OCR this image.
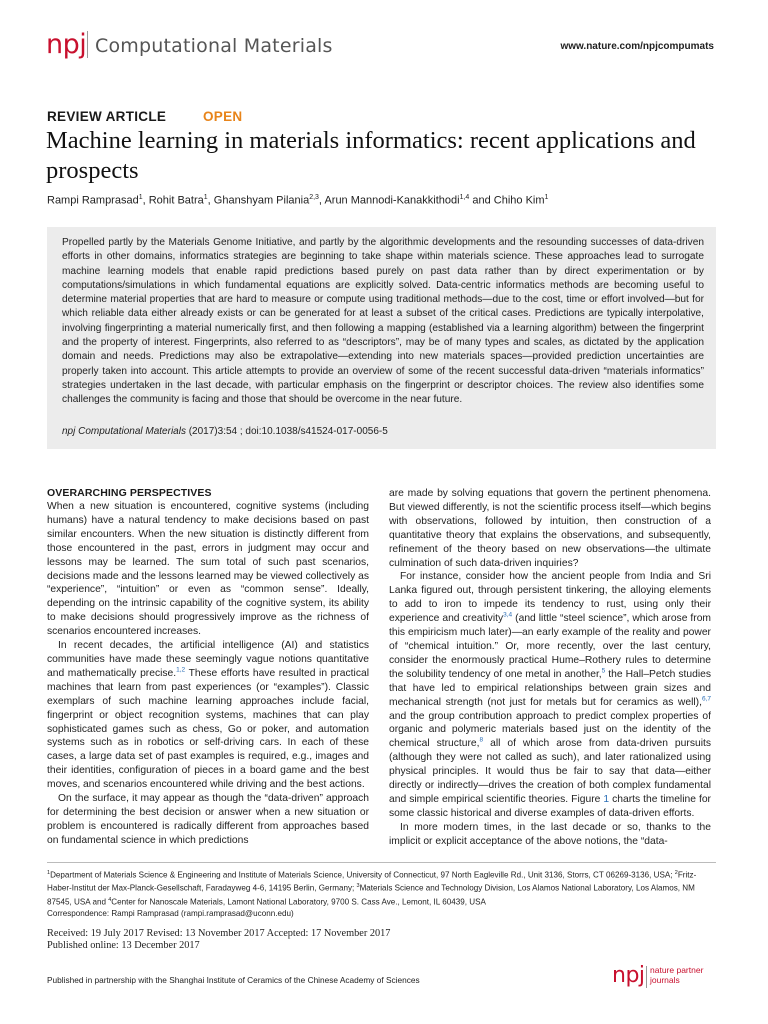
npj Computational Materials	www.nature.com/npjcompumats
REVIEW ARTICLE	OPEN
Machine learning in materials informatics: recent applications and prospects
Rampi Ramprasad$^1$, Rohit Batra$^1$, Ghanshyam Pilania$^{2,3}$, Arun Mannodi-Kanakkithodi$^{1,4}$ and Chiho Kim$^1$

Propelled partly by the Materials Genome Initiative, and partly by the algorithmic developments and the resounding successes of data-driven efforts in other domains, informatics strategies are beginning to take shape within materials science. These approaches lead to surrogate machine learning models that enable rapid predictions based purely on past data rather than by direct experimentation or by computations/simulations in which fundamental equations are explicitly solved. Data-centric informatics methods are becoming useful to determine material properties that are hard to measure or compute using traditional methods—due to the cost, time or effort involved—but for which reliable data either already exists or can be generated for at least a subset of the critical cases. Predictions are typically interpolative, involving fingerprinting a material numerically first, and then following a mapping (established via a learning algorithm) between the fingerprint and the property of interest. Fingerprints, also referred to as “descriptors”, may be of many types and scales, as dictated by the application domain and needs. Predictions may also be extrapolative—extending into new materials spaces—provided prediction uncertainties are properly taken into account. This article attempts to provide an overview of some of the recent successful data-driven “materials informatics” strategies undertaken in the last decade, with particular emphasis on the fingerprint or descriptor choices. The review also identifies some challenges the community is facing and those that should be overcome in the near future.

npj Computational Materials (2017)3:54 ; doi:10.1038/s41524-017-0056-5
OVERARCHING PERSPECTIVES

When a new situation is encountered, cognitive systems (including humans) have a natural tendency to make decisions based on past similar encounters. When the new situation is distinctly different from those encountered in the past, errors in judgment may occur and lessons may be learned. The sum total of such past scenarios, decisions made and the lessons learned may be viewed collectively as “experience”, “intuition” or even as “common sense”. Ideally, depending on the intrinsic capability of the cognitive system, its ability to make decisions should progressively improve as the richness of scenarios encountered increases.

In recent decades, the artificial intelligence (AI) and statistics communities have made these seemingly vague notions quantitative and mathematically precise.$^{1,2}$ These efforts have resulted in practical machines that learn from past experiences (or “examples”). Classic exemplars of such machine learning approaches include facial, fingerprint or object recognition systems, machines that can play sophisticated games such as chess, Go or poker, and automation systems such as in robotics or self-driving cars. In each of these cases, a large data set of past examples is required, e.g., images and their identities, configuration of pieces in a board game and the best moves, and scenarios encountered while driving and the best actions.

On the surface, it may appear as though the “data-driven” approach for determining the best decision or answer when a new situation or problem is encountered is radically different from approaches based on fundamental science in which predictions

are made by solving equations that govern the pertinent phenomena. But viewed differently, is not the scientific process itself—which begins with observations, followed by intuition, then construction of a quantitative theory that explains the observations, and subsequently, refinement of the theory based on new observations—the ultimate culmination of such data-driven inquiries?

For instance, consider how the ancient people from India and Sri Lanka figured out, through persistent tinkering, the alloying elements to add to iron to impede its tendency to rust, using only their experience and creativity$^{3,4}$ (and little “steel science”, which arose from this empiricism much later)—an early example of the reality and power of “chemical intuition.” Or, more recently, over the last century, consider the enormously practical Hume–Rothery rules to determine the solubility tendency of one metal in another,$^5$ the Hall–Petch studies that have led to empirical relationships between grain sizes and mechanical strength (not just for metals but for ceramics as well),$^{6,7}$ and the group contribution approach to predict complex properties of organic and polymeric materials based just on the identity of the chemical structure,$^8$ all of which arose from data-driven pursuits (although they were not called as such), and later rationalized using physical principles. It would thus be fair to say that data—either directly or indirectly—drives the creation of both complex fundamental and simple empirical scientific theories. Figure 1 charts the timeline for some classic historical and diverse examples of data-driven efforts.

In more modern times, in the last decade or so, thanks to the implicit or explicit acceptance of the above notions, the “data-

$^1$Department of Materials Science & Engineering and Institute of Materials Science, University of Connecticut, 97 North Eagleville Rd., Unit 3136, Storrs, CT 06269-3136, USA; $^2$Fritz-Haber-Institut der Max-Planck-Gesellschaft, Faradayweg 4-6, 14195 Berlin, Germany; $^3$Materials Science and Technology Division, Los Alamos National Laboratory, Los Alamos, NM 87545, USA and $^4$Center for Nanoscale Materials, Lamont National Laboratory, 9700 S. Cass Ave., Lemont, IL 60439, USA
Correspondence: Rampi Ramprasad (rampi.ramprasad@uconn.edu)

Received: 19 July 2017 Revised: 13 November 2017 Accepted: 17 November 2017
Published online: 13 December 2017
Published in partnership with the Shanghai Institute of Ceramics of the Chinese Academy of Sciences	npj nature partner
journals
